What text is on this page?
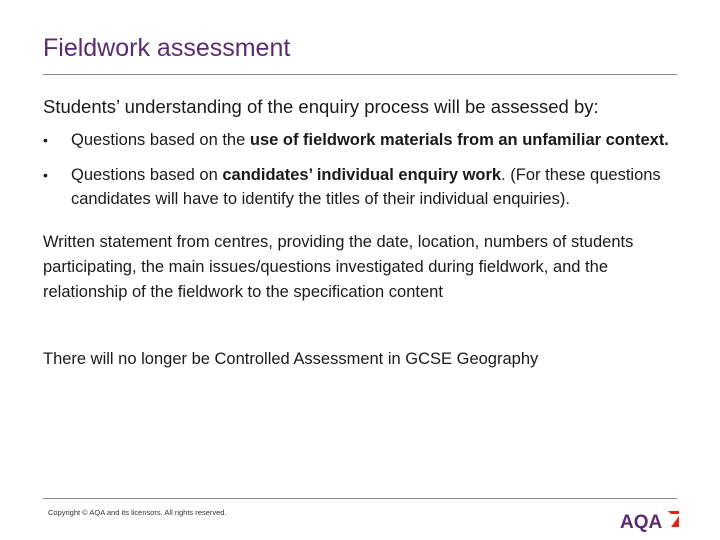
Fieldwork assessment

Students’ understanding of the enquiry process will be assessed by:

• Questions based on the use of fieldwork materials from an unfamiliar context.
• Questions based on candidates’ individual enquiry work. (For these questions candidates will have to identify the titles of their individual enquiries).

Written statement from centres, providing the date, location, numbers of students participating, the main issues/questions investigated during fieldwork, and the relationship of the fieldwork to the specification content

There will no longer be Controlled Assessment in GCSE Geography

Copyright © AQA and its licensors. All rights reserved.	AQA
